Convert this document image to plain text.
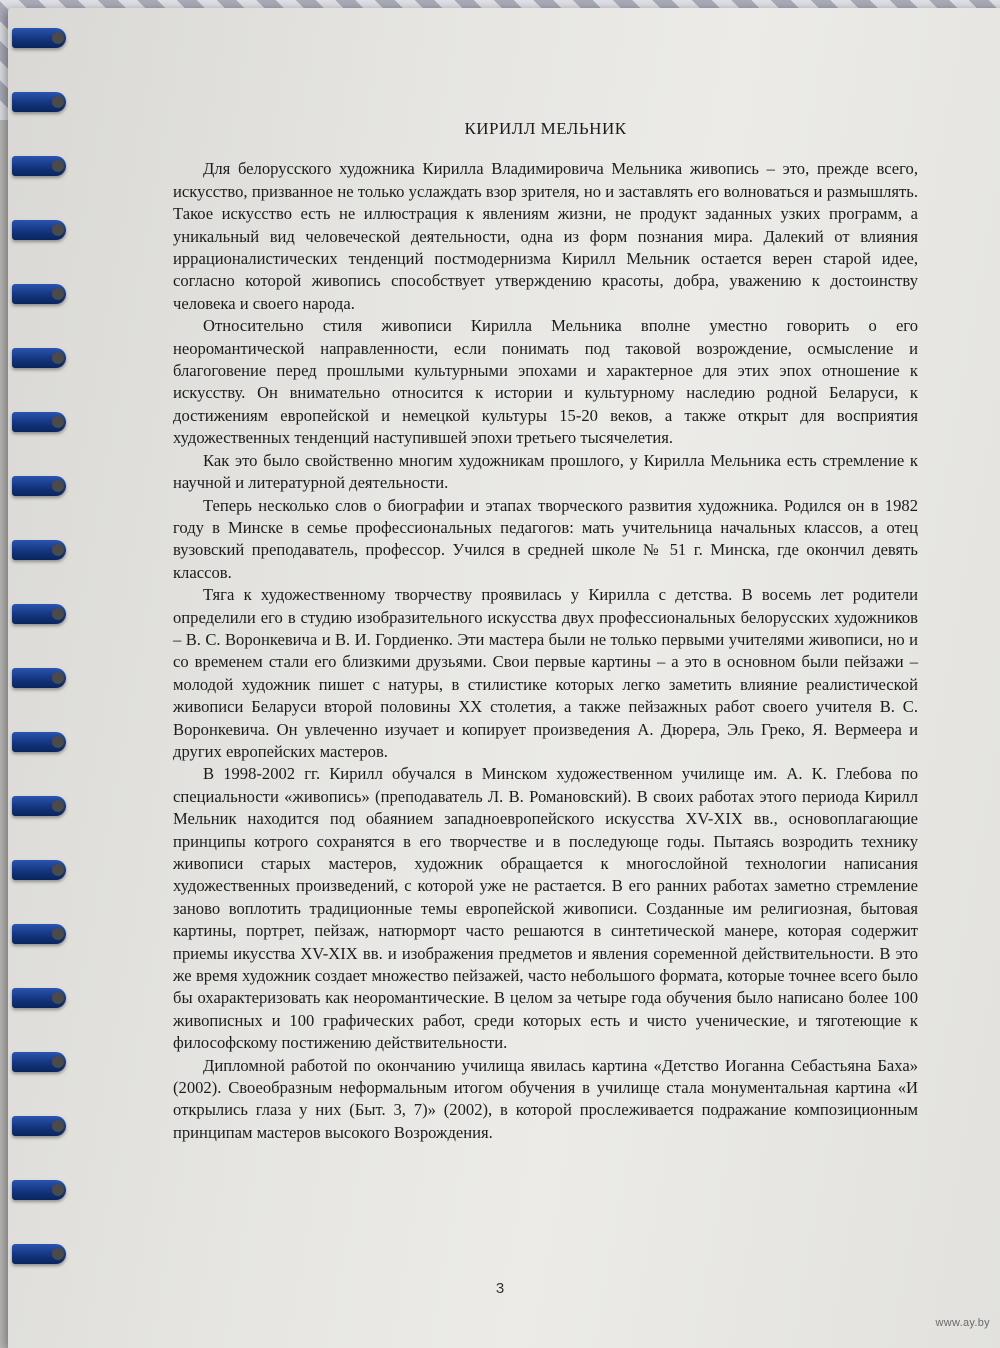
КИРИЛЛ МЕЛЬНИК

Для белорусского художника Кирилла Владимировича Мельника живопись – это, прежде всего, искусство, призванное не только услаждать взор зрителя, но и заставлять его волноваться и размышлять. Такое искусство есть не иллюстрация к явлениям жизни, не продукт заданных узких программ, а уникальный вид человеческой деятельности, одна из форм познания мира. Далекий от влияния иррационалистических тенденций постмодернизма Кирилл Мельник остается верен старой идее, согласно которой живопись способствует утверждению красоты, добра, уважению к достоинству человека и своего народа.

Относительно стиля живописи Кирилла Мельника вполне уместно говорить о его неоромантической направленности, если понимать под таковой возрождение, осмысление и благоговение перед прошлыми культурными эпохами и характерное для этих эпох отношение к искусству. Он внимательно относится к истории и культурному наследию родной Беларуси, к достижениям европейской и немецкой культуры 15-20 веков, а также открыт для восприятия художественных тенденций наступившей эпохи третьего тысячелетия.

Как это было свойственно многим художникам прошлого, у Кирилла Мельника есть стремление к научной и литературной деятельности.

Теперь несколько слов о биографии и этапах творческого развития художника. Родился он в 1982 году в Минске в семье профессиональных педагогов: мать учительница начальных классов, а отец вузовский преподаватель, профессор. Учился в средней школе № 51 г. Минска, где окончил девять классов.

Тяга к художественному творчеству проявилась у Кирилла с детства. В восемь лет родители определили его в студию изобразительного искусства двух профессиональных белорусских художников – В. С. Воронкевича и В. И. Гордиенко. Эти мастера были не только первыми учителями живописи, но и со временем стали его близкими друзьями. Свои первые картины – а это в основном были пейзажи – молодой художник пишет с натуры, в стилистике которых легко заметить влияние реалистической живописи Беларуси второй половины XX столетия, а также пейзажных работ своего учителя В. С. Воронкевича. Он увлеченно изучает и копирует произведения А. Дюрера, Эль Греко, Я. Вермеера и других европейских мастеров.

В 1998-2002 гг. Кирилл обучался в Минском художественном училище им. А. К. Глебова по специальности «живопись» (преподаватель Л. В. Романовский). В своих работах этого периода Кирилл Мельник находится под обаянием западноевропейского искусства XV-XIX вв., основоплагающие принципы котрого сохранятся в его творчестве и в последующе годы. Пытаясь возродить технику живописи старых мастеров, художник обращается к многослойной технологии написания художественных произведений, с которой уже не растается. В его ранних работах заметно стремление заново воплотить традиционные темы европейской живописи. Созданные им религиозная, бытовая картины, портрет, пейзаж, натюрморт часто решаются в синтетической манере, которая содержит приемы икусства XV-XIX вв. и изображения предметов и явления соременной действительности. В это же время художник создает множество пейзажей, часто небольшого формата, которые точнее всего было бы охарактеризовать как неоромантические. В целом за четыре года обучения было написано более 100 живописных и 100 графических работ, среди которых есть и чисто ученические, и тяготеющие к философскому постижению действительности.

Дипломной работой по окончанию училища явилась картина «Детство Иоганна Себастьяна Баха» (2002). Своеобразным неформальным итогом обучения в училище стала монументальная картина «И открылись глаза у них (Быт. 3, 7)» (2002), в которой прослеживается подражание композиционным принципам мастеров высокого Возрождения.

3
www.ay.by
